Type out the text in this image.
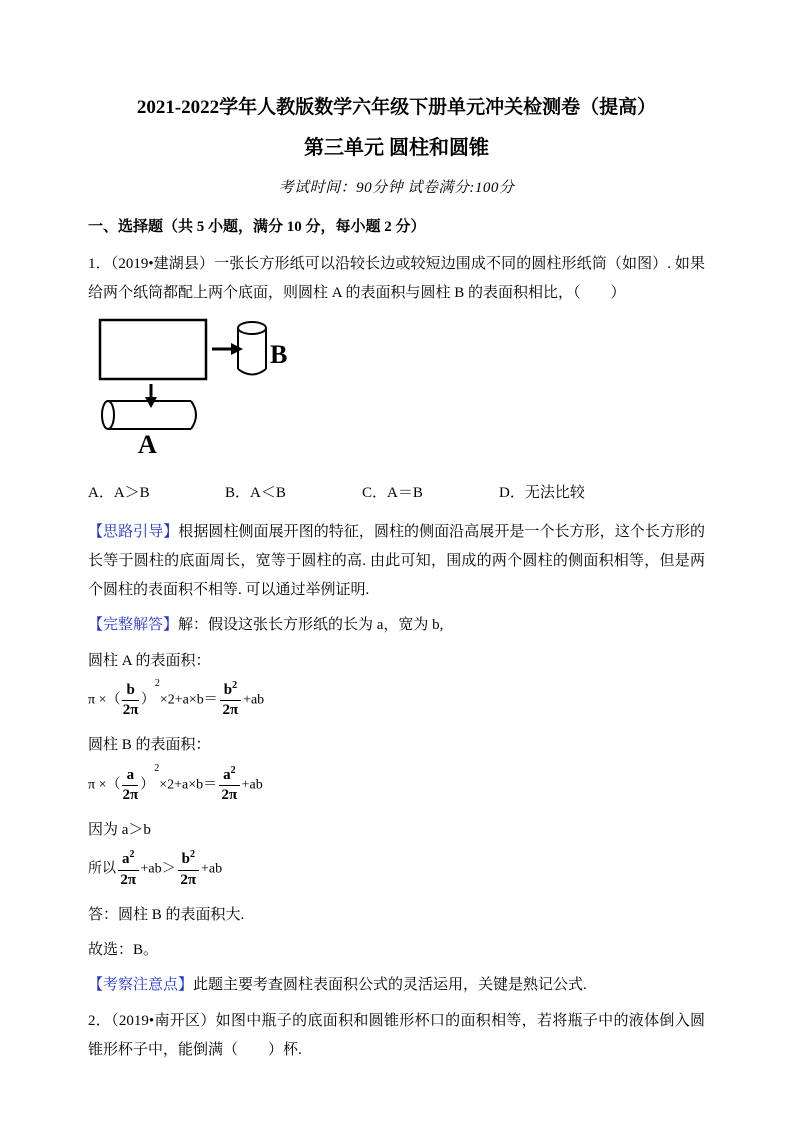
2021-2022学年人教版数学六年级下册单元冲关检测卷（提高）
第三单元 圆柱和圆锥
考试时间：90分钟 试卷满分:100分
一、选择题（共 5 小题，满分 10 分，每小题 2 分）

1．（2019•建湖县）一张长方形纸可以沿较长边或较短边围成不同的圆柱形纸筒（如图）. 如果给两个纸筒都配上两个底面，则圆柱 A 的表面积与圆柱 B 的表面积相比，（　　）

B
A
A．A＞B	B．A＜B	C．A＝B	D．无法比较

【思路引导】根据圆柱侧面展开图的特征，圆柱的侧面沿高展开是一个长方形，这个长方形的长等于圆柱的底面周长，宽等于圆柱的高. 由此可知，围成的两个圆柱的侧面积相等，但是两个圆柱的表面积不相等. 可以通过举例证明.

【完整解答】解：假设这张长方形纸的长为 a，宽为 b,

圆柱 A 的表面积：

π ×（ $\frac{b}{2\pi} )^2\times 2+a\times b= \frac{b^2}{2\pi} +ab$

圆柱 B 的表面积：

π ×（ $\frac{a}{2\pi} )^2\times 2+a\times b= \frac{a^2}{2\pi} +ab$

因为 a＞b

所以 $\frac{a^2}{2\pi} +ab> \frac{b^2}{2\pi} +ab$

答：圆柱 B 的表面积大.

故选：B。

【考察注意点】此题主要考查圆柱表面积公式的灵活运用，关键是熟记公式.

2．（2019•南开区）如图中瓶子的底面积和圆锥形杯口的面积相等，若将瓶子中的液体倒入圆锥形杯子中，能倒满（　　）杯.
